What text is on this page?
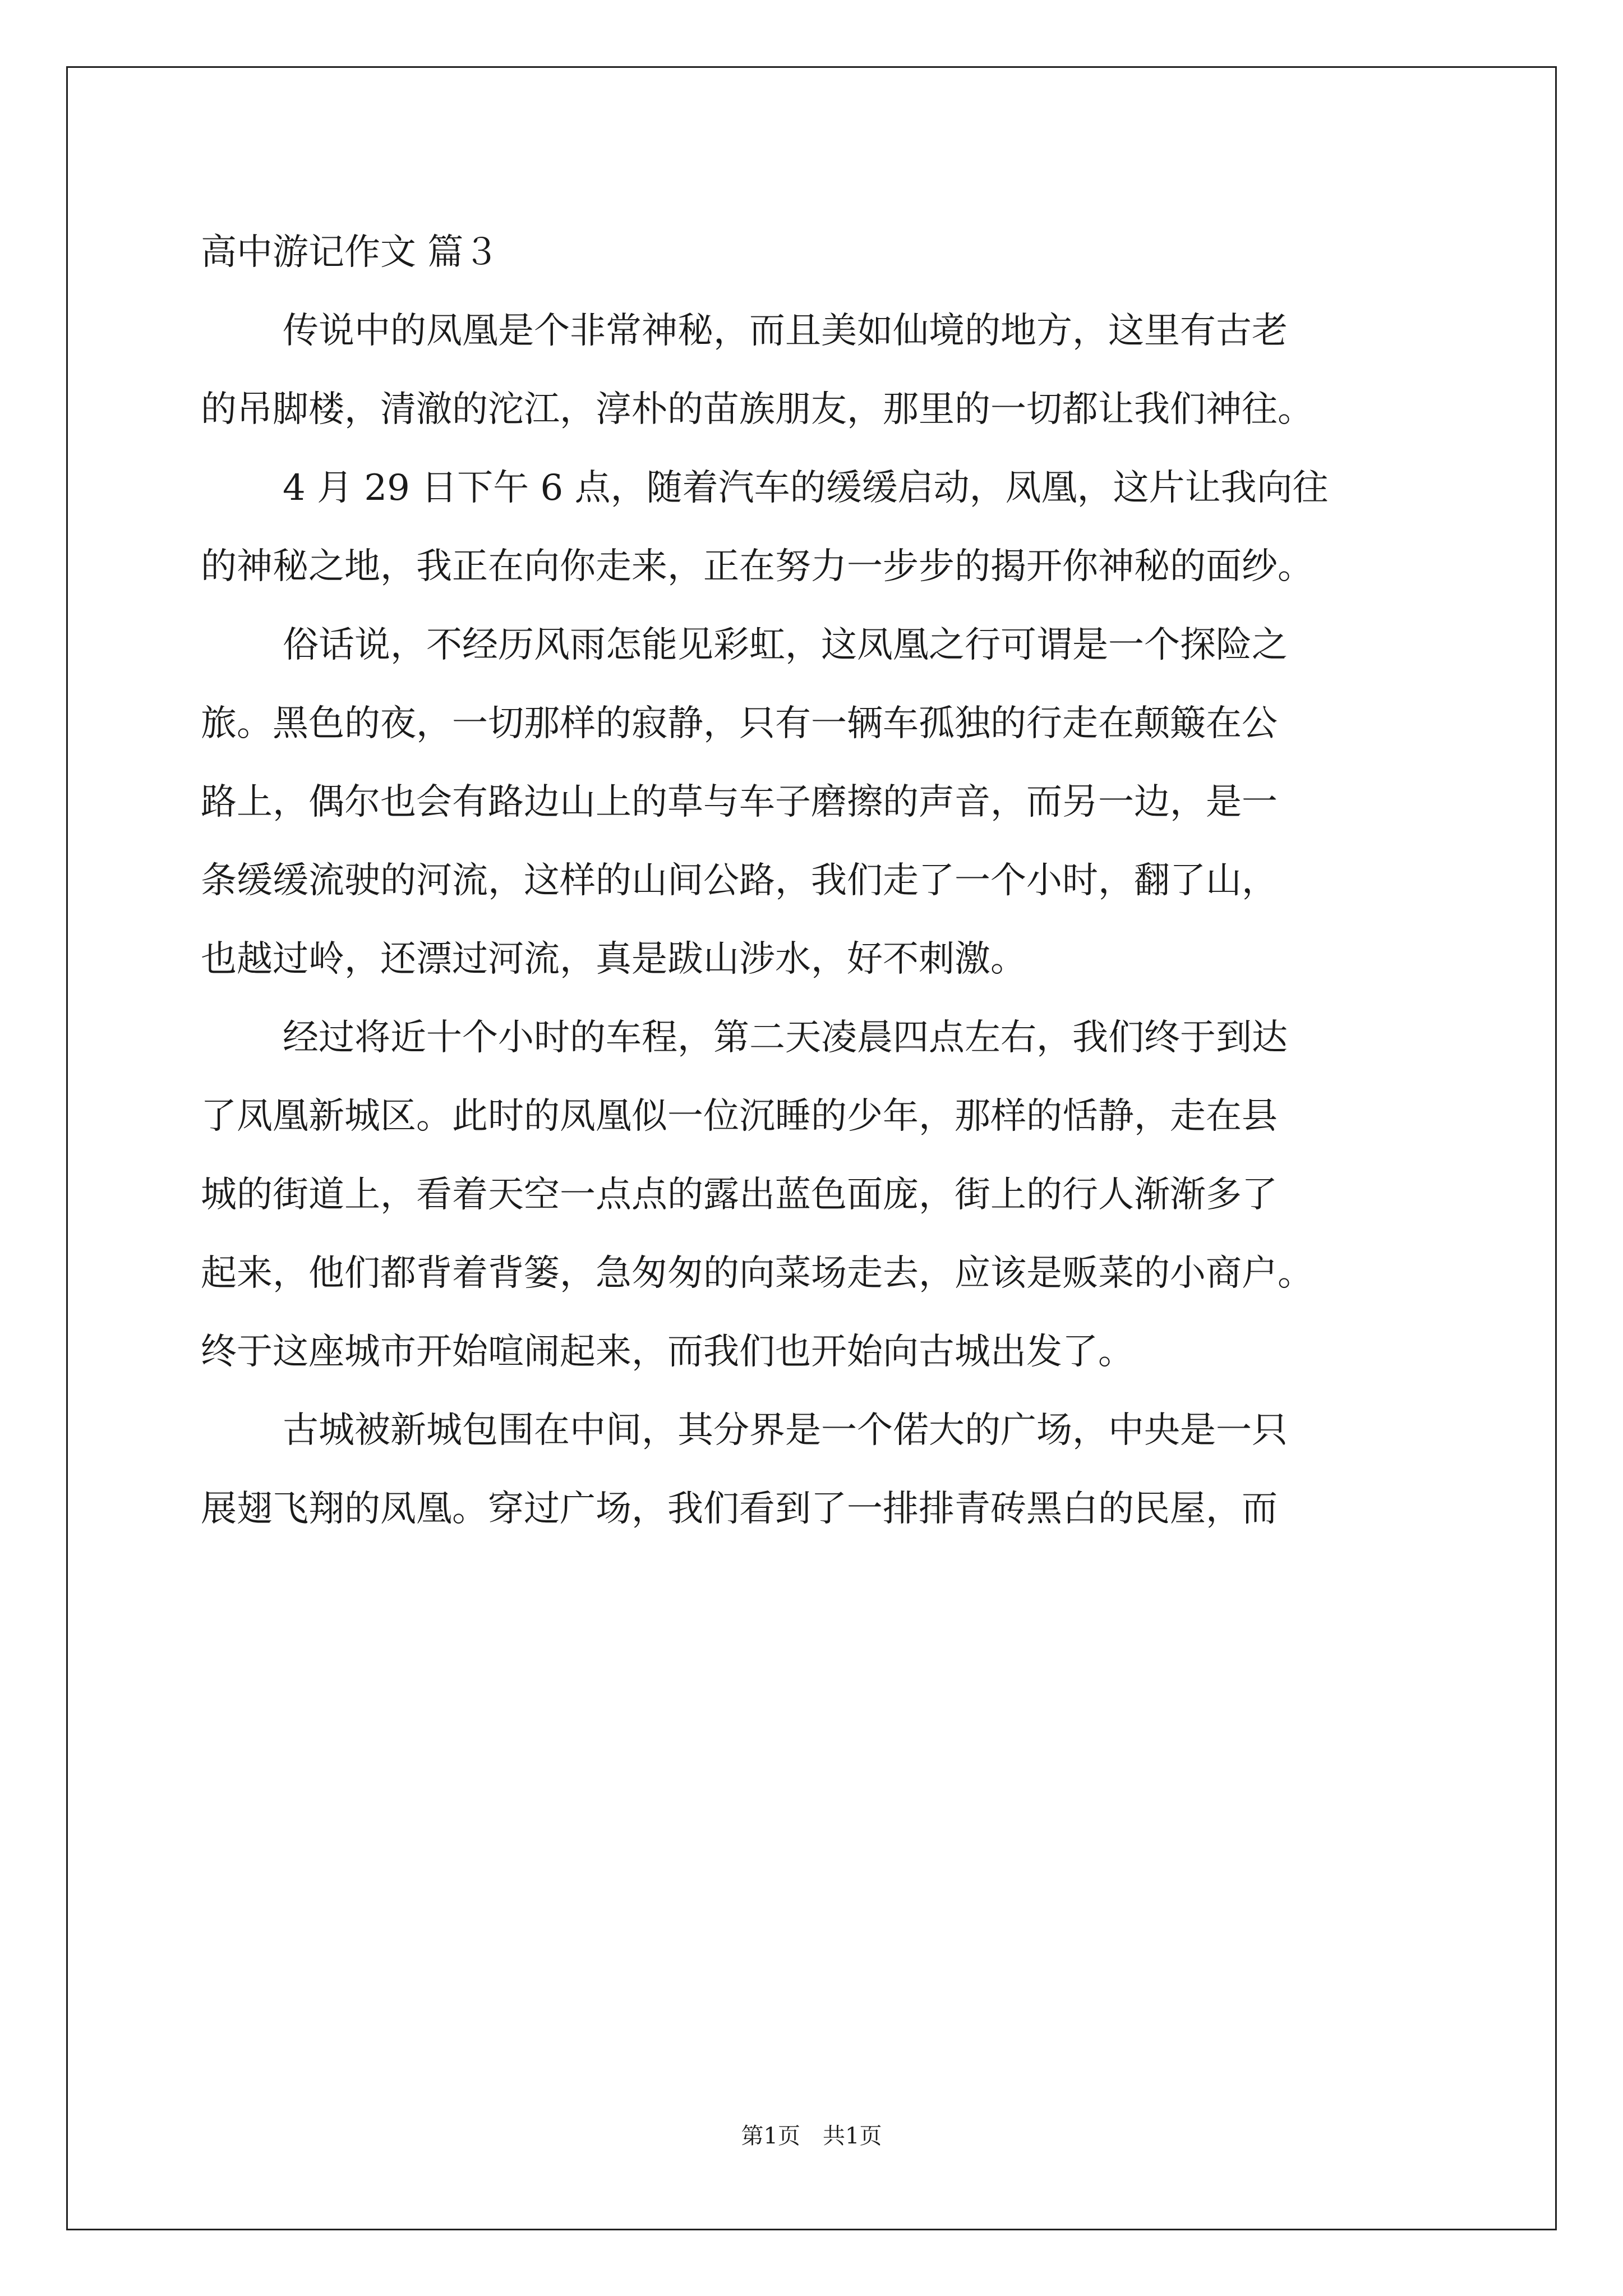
高中游记作文 篇３
传说中的凤凰是个非常神秘，而且美如仙境的地方，这里有古老
的吊脚楼，清澈的沱江，淳朴的苗族朋友，那里的一切都让我们神往。
4 月 29 日下午 6 点，随着汽车的缓缓启动，凤凰，这片让我向往
的神秘之地，我正在向你走来，正在努力一步步的揭开你神秘的面纱。
俗话说，不经历风雨怎能见彩虹，这凤凰之行可谓是一个探险之
旅。黑色的夜，一切那样的寂静，只有一辆车孤独的行走在颠簸在公
路上，偶尔也会有路边山上的草与车子磨擦的声音，而另一边，是一
条缓缓流驶的河流，这样的山间公路，我们走了一个小时，翻了山，
也越过岭，还漂过河流，真是跋山涉水，好不刺激。
经过将近十个小时的车程，第二天凌晨四点左右，我们终于到达
了凤凰新城区。此时的凤凰似一位沉睡的少年，那样的恬静，走在县
城的街道上，看着天空一点点的露出蓝色面庞，街上的行人渐渐多了
起来，他们都背着背篓，急匆匆的向菜场走去，应该是贩菜的小商户。
终于这座城市开始喧闹起来，而我们也开始向古城出发了。
古城被新城包围在中间，其分界是一个偌大的广场，中央是一只
展翅飞翔的凤凰。穿过广场，我们看到了一排排青砖黑白的民屋，而
第1页　共1页
